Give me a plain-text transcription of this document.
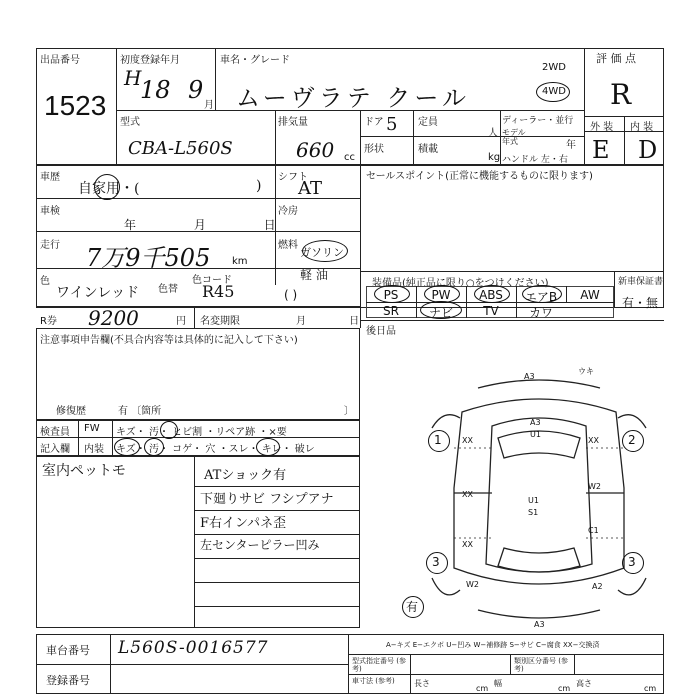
出品番号
1523
初度登録年月
H
18 9
月
車名・グレード
ムーヴラテ クール
2WD
4WD
評 価 点
R
外 装 内 装
E D
型式
CBA-L560S
排気量
660 cc
ドア 5
形状
定員
人
積載
kg
ディーラー・並行
モデル年式	年
ハンドル 左・右
車歴
自家用・(	)
シフト
AT
車検
年 月 日
冷房
走行 7万9千505 km
燃料
ガソリン
軽 油
( )
色
ワインレッド 色替
色コード
R45
R券 9200	円 名変期限	月 日
セールスポイント(正常に機能するものに限ります)
装備品(純正品に限り○をつけください)	新車保証書
有・無
PS	PW	ABS	エアB	AW
SR	ナビ	TV	カワ
後日品
注意事項申告欄(不具合内容等は具体的に記入して下さい)
修復歴	有 〔箇所	〕
検査員 FW キズ・ 汚・ ヒビ割 ・リペア跡 ・×要
記入欄 内装 キズ・ 汚・ コゲ・ 穴 ・スレ・ キレ・ 破レ
室内ペットモ	ATショック有
下廻りサビ フシプアナ
F右インパネ歪
左センターピラー凹み
1	2
3	3
A3
ウキ
A3
U1
XX	XX
XX
U1
S1
W2
C1
XX
W2	A2
A3
有
車台番号 L560S-0016577
登録番号
A−キズ E−エクボ U−凹み W−補修跡 S−サビ C−腐食 XX−交換済
型式指定番号 (参考)
類別区分番号 (参考)
車寸法 (参考)	長さ
cm
幅
cm
高さ
cm
